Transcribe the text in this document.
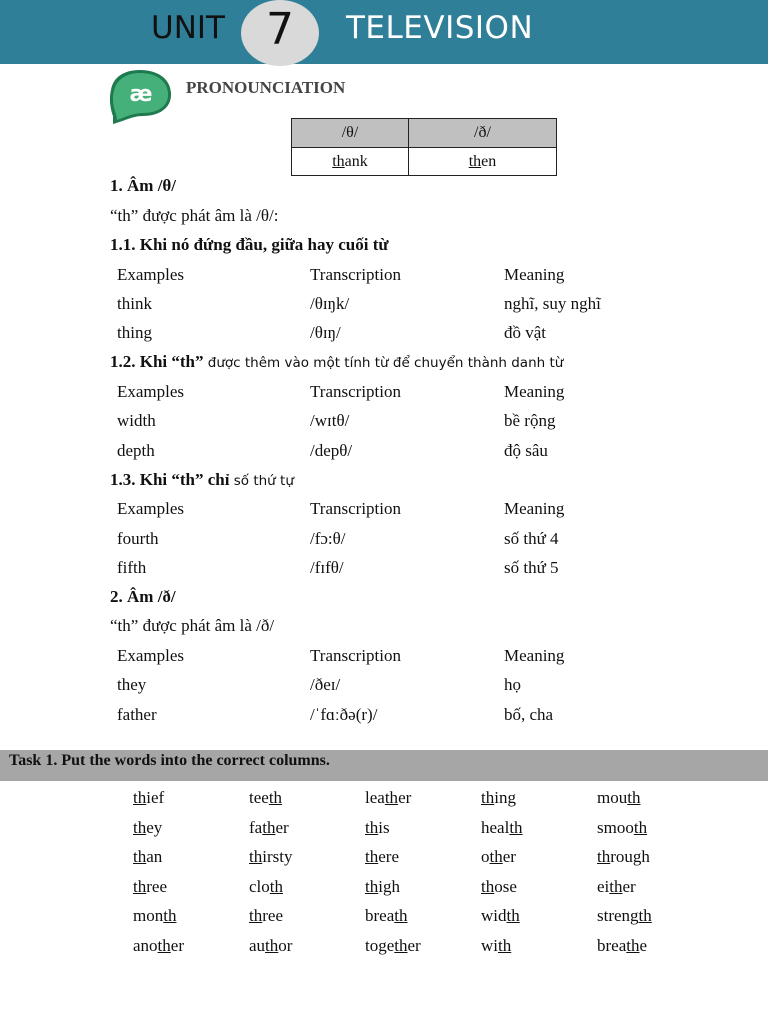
UNIT 7	TELEVISION
æ PRONOUNCIATION
/θ/	/ð/
thank	then
1. Âm /θ/
“th” được phát âm là /θ/:
1.1. Khi nó đứng đầu, giữa hay cuối từ
Examples	Transcription	Meaning
think	/θɪŋk/	nghĩ, suy nghĩ
thing	/θɪŋ/	đồ vật
1.2. Khi “th” được thêm vào một tính từ để chuyển thành danh từ
Examples	Transcription	Meaning
width	/wɪtθ/	bề rộng
depth	/depθ/	độ sâu
1.3. Khi “th” chỉ số thứ tự
Examples	Transcription	Meaning
fourth	/fɔ:θ/	số thứ 4
fifth	/fɪfθ/	số thứ 5
2. Âm /ð/
“th” được phát âm là /ð/
Examples	Transcription	Meaning
they	/ðeɪ/	họ
father	/ˈfɑːðə(r)/	bố, cha
Task 1. Put the words into the correct columns.
thief	teeth	leather	thing	mouth
they	father	this	health	smooth
than	thirsty	there	other	through
three	cloth	thigh	those	either
month	three	breath	width	strength
another	author	together	with	breathe
